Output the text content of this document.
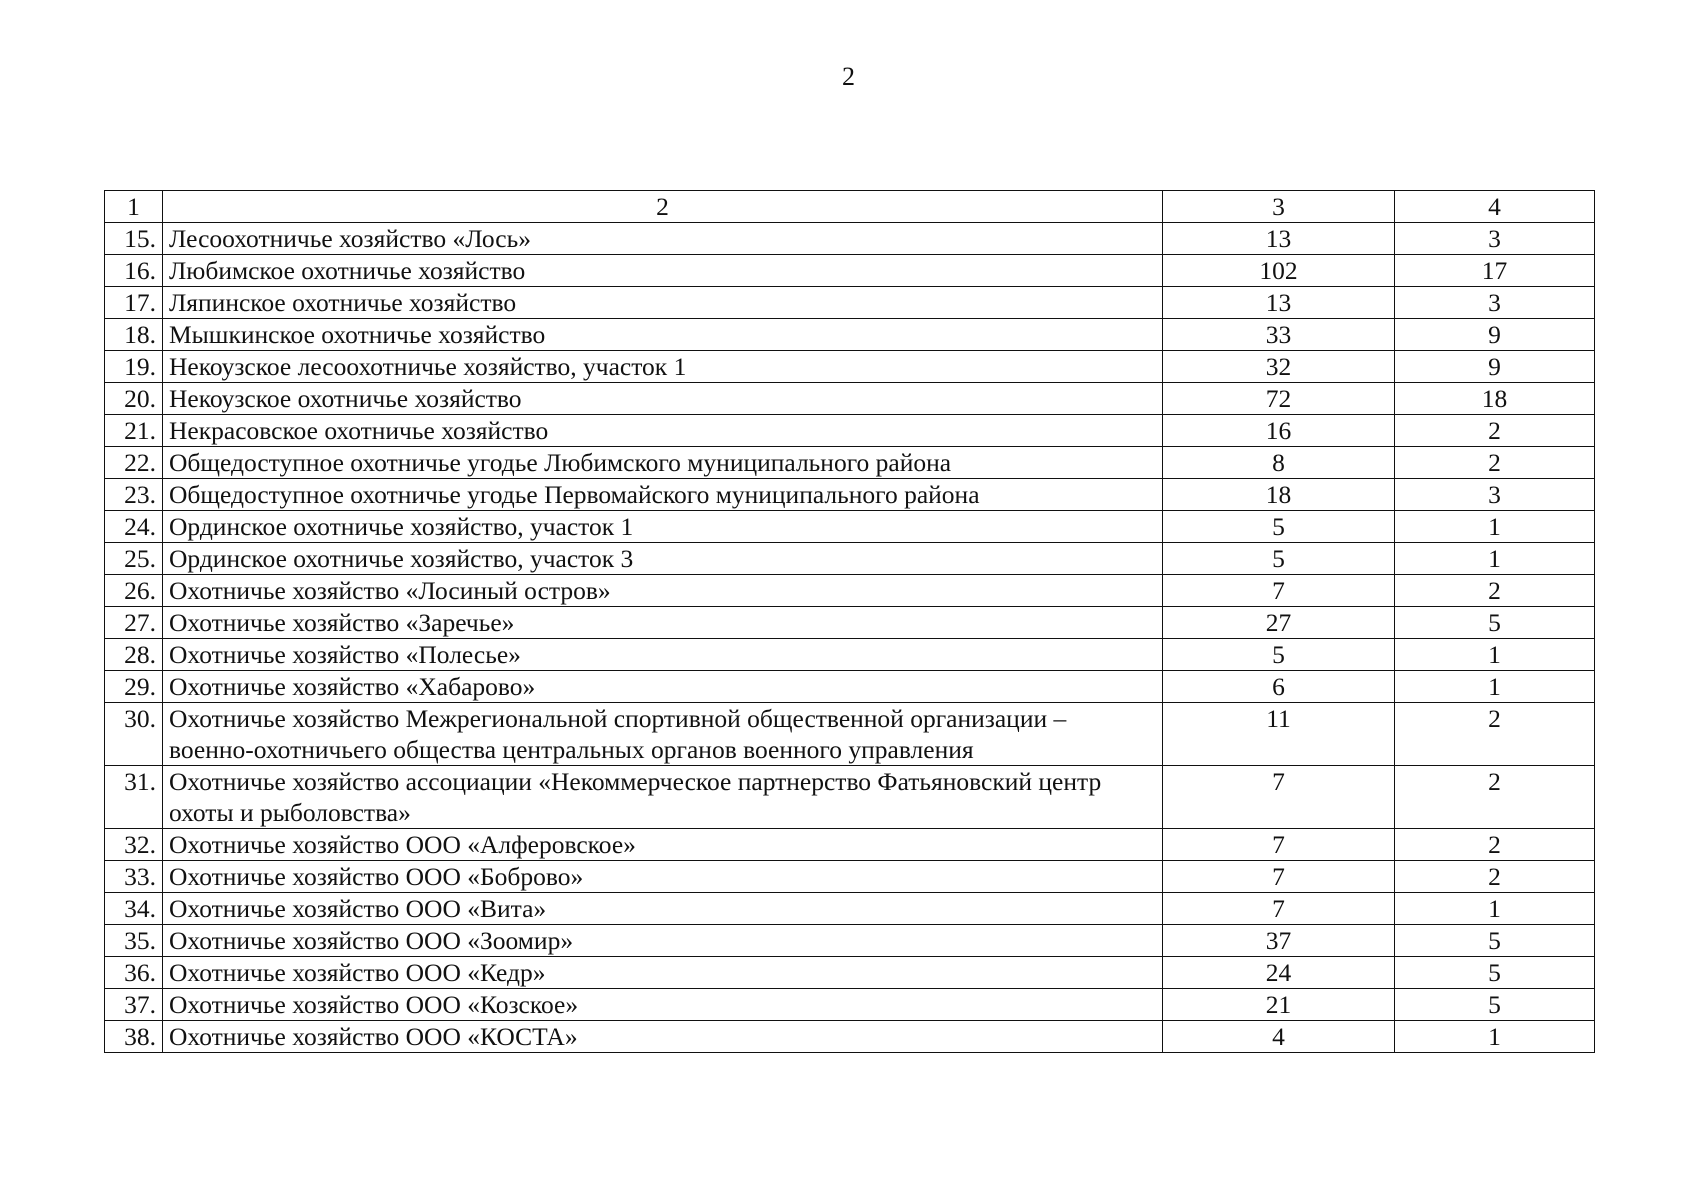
2
1	2	3	4
15.	Лесоохотничье хозяйство «Лось»	13	3
16.	Любимское охотничье хозяйство	102	17
17.	Ляпинское охотничье хозяйство	13	3
18.	Мышкинское охотничье хозяйство	33	9
19.	Некоузское лесоохотничье хозяйство, участок 1	32	9
20.	Некоузское охотничье хозяйство	72	18
21.	Некрасовское охотничье хозяйство	16	2
22.	Общедоступное охотничье угодье Любимского муниципального района	8	2
23.	Общедоступное охотничье угодье Первомайского муниципального района	18	3
24.	Ординское охотничье хозяйство, участок 1	5	1
25.	Ординское охотничье хозяйство, участок 3	5	1
26.	Охотничье хозяйство «Лосиный остров»	7	2
27.	Охотничье хозяйство «Заречье»	27	5
28.	Охотничье хозяйство «Полесье»	5	1
29.	Охотничье хозяйство «Хабарово»	6	1
30.	Охотничье хозяйство Межрегиональной спортивной общественной организации – военно-охотничьего общества центральных органов военного управления	11	2
31.	Охотничье хозяйство ассоциации «Некоммерческое партнерство Фатьяновский центр охоты и рыболовства»	7	2
32.	Охотничье хозяйство ООО «Алферовское»	7	2
33.	Охотничье хозяйство ООО «Боброво»	7	2
34.	Охотничье хозяйство ООО «Вита»	7	1
35.	Охотничье хозяйство ООО «Зоомир»	37	5
36.	Охотничье хозяйство ООО «Кедр»	24	5
37.	Охотничье хозяйство ООО «Козское»	21	5
38.	Охотничье хозяйство ООО «КОСТА»	4	1
